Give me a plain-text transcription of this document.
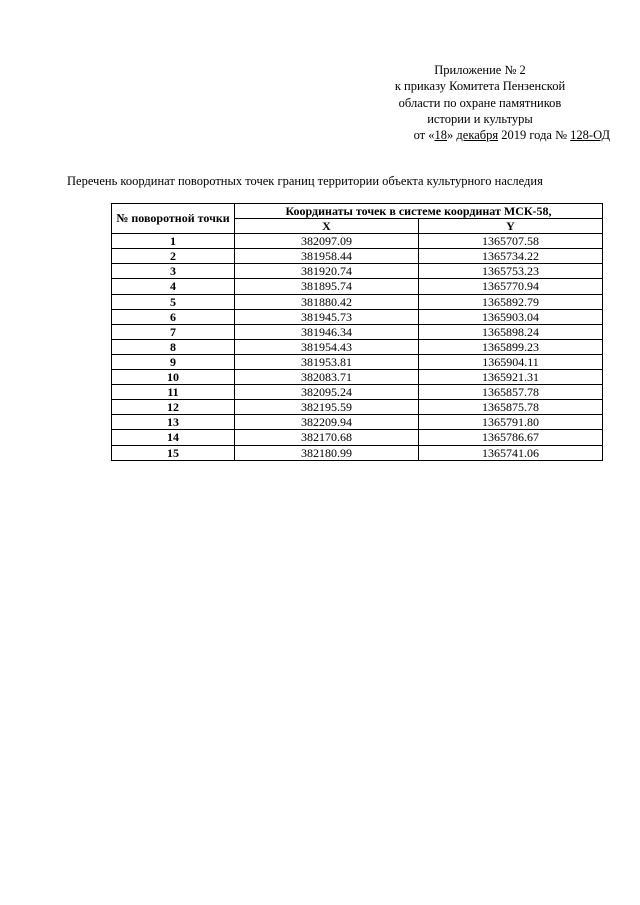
Приложение № 2
к приказу Комитета Пензенской
области по охране памятников
истории и культуры
от «18» декабря 2019 года № 128-ОД
Перечень координат поворотных точек границ территории объекта культурного наследия
№ поворотной точки	Координаты точек в системе координат МСК-58,	
	X	Y
1	382097.09	1365707.58
2	381958.44	1365734.22
3	381920.74	1365753.23
4	381895.74	1365770.94
5	381880.42	1365892.79
6	381945.73	1365903.04
7	381946.34	1365898.24
8	381954.43	1365899.23
9	381953.81	1365904.11
10	382083.71	1365921.31
11	382095.24	1365857.78
12	382195.59	1365875.78
13	382209.94	1365791.80
14	382170.68	1365786.67
15	382180.99	1365741.06
